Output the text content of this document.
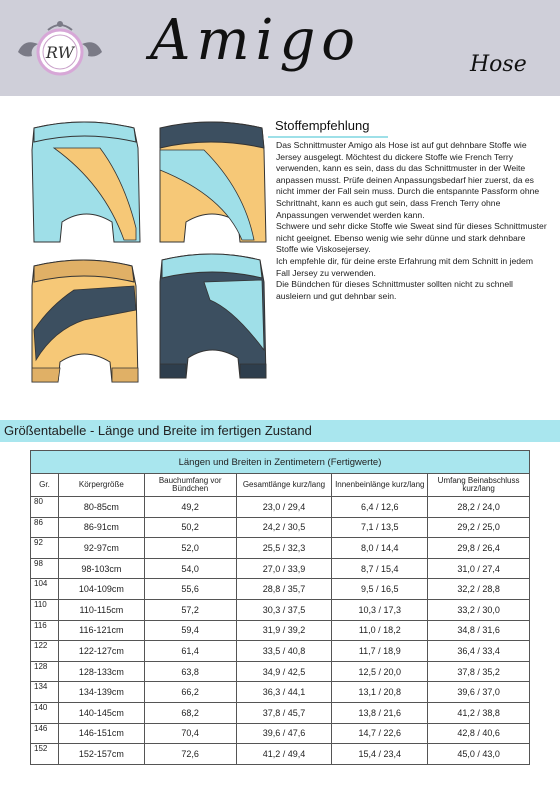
RW Amigo	Hose
Stoffempfehlung

Das Schnittmuster Amigo als Hose ist auf gut dehnbare Stoffe wie Jersey ausgelegt. Möchtest du dickere Stoffe wie French Terry verwenden, kann es sein, dass du das Schnittmuster in der Weite anpassen musst. Prüfe deinen Anpassungsbedarf hier zuerst, da es nicht immer der Fall sein muss. Durch die entspannte Passform ohne Schrittnaht, kann es auch gut sein, dass French Terry ohne Anpassungen verwendet werden kann.

Schwere und sehr dicke Stoffe wie Sweat sind für dieses Schnittmuster nicht geeignet. Ebenso wenig wie sehr dünne und stark dehnbare Stoffe wie Viskosejersey.

Ich empfehle dir, für deine erste Erfahrung mit dem Schnitt in jedem Fall Jersey zu verwenden.

Die Bündchen für dieses Schnittmuster sollten nicht zu schnell ausleiern und gut dehnbar sein.

Größentabelle - Länge und Breite im fertigen Zustand
Längen und Breiten in Zentimetern (Fertigwerte)					
Gr.	Körpergröße	Bauchumfang vor Bündchen	Gesamtlänge kurz/lang	Innenbeinlänge kurz/lang	Umfang Beinabschluss kurz/lang
80	80-85cm	49,2	23,0 / 29,4	6,4 / 12,6	28,2 / 24,0
86	86-91cm	50,2	24,2 / 30,5	7,1 / 13,5	29,2 / 25,0
92	92-97cm	52,0	25,5 / 32,3	8,0 / 14,4	29,8 / 26,4
98	98-103cm	54,0	27,0 / 33,9	8,7 / 15,4	31,0 / 27,4
104	104-109cm	55,6	28,8 / 35,7	9,5 / 16,5	32,2 / 28,8
110	110-115cm	57,2	30,3 / 37,5	10,3 / 17,3	33,2 / 30,0
116	116-121cm	59,4	31,9 / 39,2	11,0 / 18,2	34,8 / 31,6
122	122-127cm	61,4	33,5 / 40,8	11,7 / 18,9	36,4 / 33,4
128	128-133cm	63,8	34,9 / 42,5	12,5 / 20,0	37,8 / 35,2
134	134-139cm	66,2	36,3 / 44,1	13,1 / 20,8	39,6 / 37,0
140	140-145cm	68,2	37,8 / 45,7	13,8 / 21,6	41,2 / 38,8
146	146-151cm	70,4	39,6 / 47,6	14,7 / 22,6	42,8 / 40,6
152	152-157cm	72,6	41,2 / 49,4	15,4 / 23,4	45,0 / 43,0
